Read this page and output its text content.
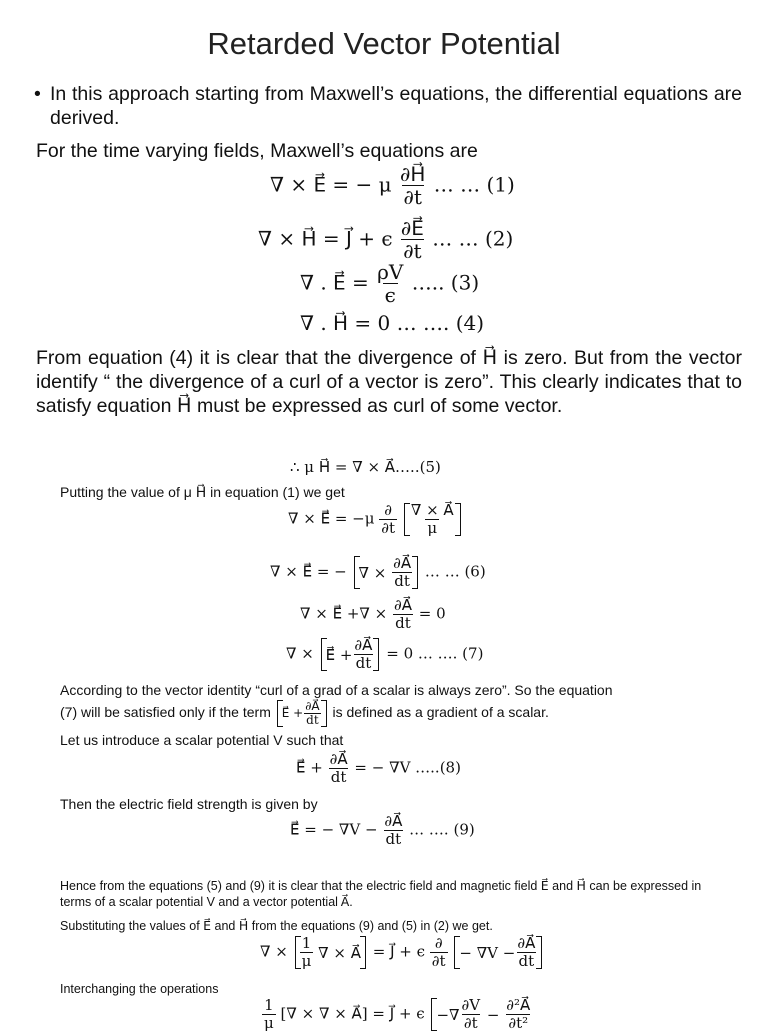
Retarded Vector Potential
• In this approach starting from Maxwell’s equations, the differential equations are derived.
For the time varying fields, Maxwell’s equations are
∇ × E⃗ = − μ $\frac{\partial H⃗}{\partial t}$ … … (1)
∇ × H⃗ = J⃗ + ϵ $\frac{\partial E⃗}{\partial t}$ … … (2)
∇ . E⃗ = $\frac{\rho V}{\epsilon}$ ….. (3)
∇ . H⃗ = 0 … …. (4)
From equation (4) it is clear that the divergence of H⃗ is zero. But from the vector identify “ the divergence of a curl of a vector is zero”. This clearly indicates that to satisfy equation H⃗ must be expressed as curl of some vector.
∴ μ H⃗ = ∇ × A⃗…..(5)
Putting the value of μ H⃗ in equation (1) we get
∇ × E⃗ = $-\mu \frac{\partial}{\partial t}$
$\frac{\nabla \times A⃗}{\mu}$
∇ × E⃗ = − ∇ ×
$\frac{\partial A⃗}{dt}$ … … (6)
∇ × E⃗ +∇ × $\frac{\partial A⃗}{dt} = 0$
∇ × E⃗ + $\frac{\partial A⃗}{dt} = 0$ … …. (7)
According to the vector identity “curl of a grad of a scalar is always zero”. So the equation
(7) will be satisfied only if the term E⃗ + $\frac{\partial A⃗}{dt}$ is defined as a gradient of a scalar.
Let us introduce a scalar potential V such that
E⃗ + $\frac{\partial A⃗}{dt}$ = − ∇V …..(8)
Then the electric field strength is given by
E⃗ = − $\nabla V - \frac{\partial A⃗}{dt}$ … …. (9)
Hence from the equations (5) and (9) it is clear that the electric field and magnetic field E⃗ and H⃗ can be expressed in terms of a scalar potential V and a vector potential A⃗.
Substituting the values of E⃗ and H⃗ from the equations (9) and (5) in (2) we get.
∇ × $\frac{1}{\mu}$
∇ × A⃗ = J⃗ + ϵ $\frac{\partial}{\partial t}$
− $\nabla V - \frac{\partial A⃗}{dt}$
Interchanging the operations
$\frac{1}{\mu}$ [∇ × ∇ × A⃗] = J⃗ + ϵ −∇ $\frac{\partial V}{\partial t}$
−
$\frac{\text{∂²A⃗}}{\text{∂t²}}$
